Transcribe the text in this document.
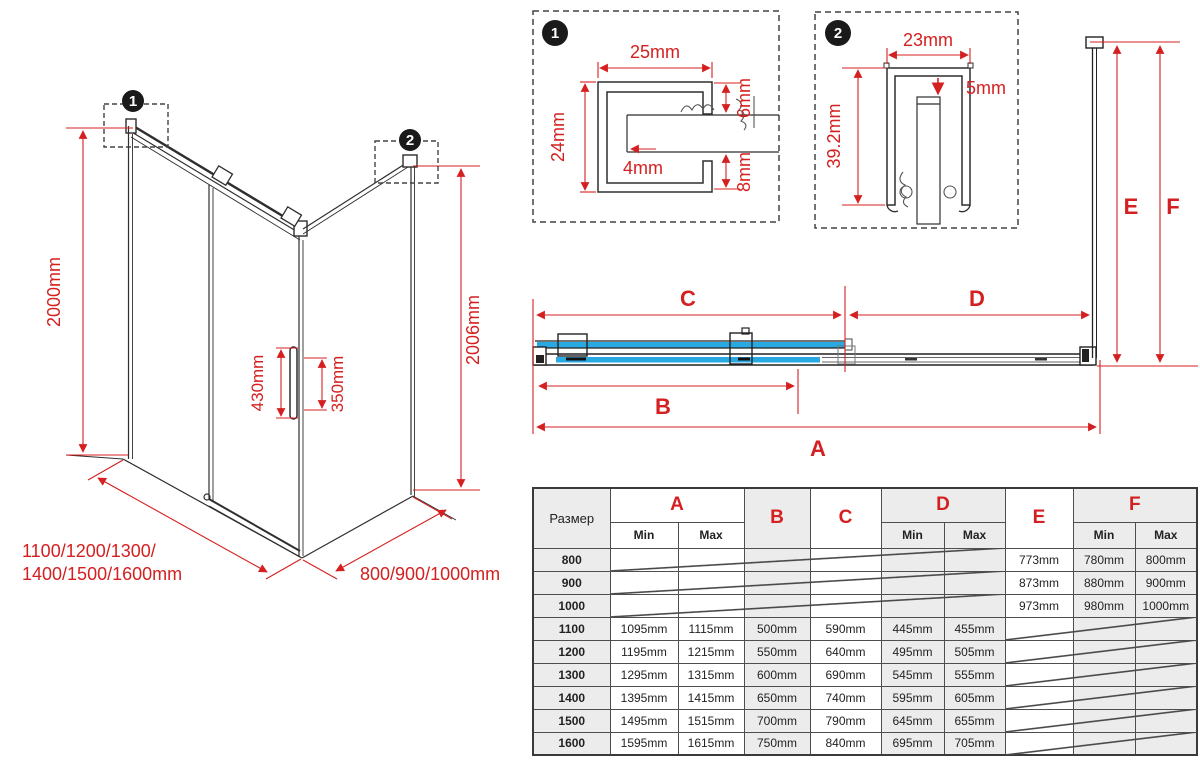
2000mm
2006mm
430mm	350mm
1100/1200/1300/
1400/1500/1600mm	800/900/1000mm
1
2
1
25mm
24mm
6mm
8mm
4mm
2	23mm
5mm
39.2mm
C	D
B
A
E F
Размер	A		B	C	D		E	F	
	Min	Max			Min	Max		Min	Max
800							773mm	780mm	800mm
900							873mm	880mm	900mm
1000							973mm	980mm	1000mm
1100	1095mm	1115mm	500mm	590mm	445mm	455mm			
1200	1195mm	1215mm	550mm	640mm	495mm	505mm			
1300	1295mm	1315mm	600mm	690mm	545mm	555mm			
1400	1395mm	1415mm	650mm	740mm	595mm	605mm			
1500	1495mm	1515mm	700mm	790mm	645mm	655mm			
1600	1595mm	1615mm	750mm	840mm	695mm	705mm			
